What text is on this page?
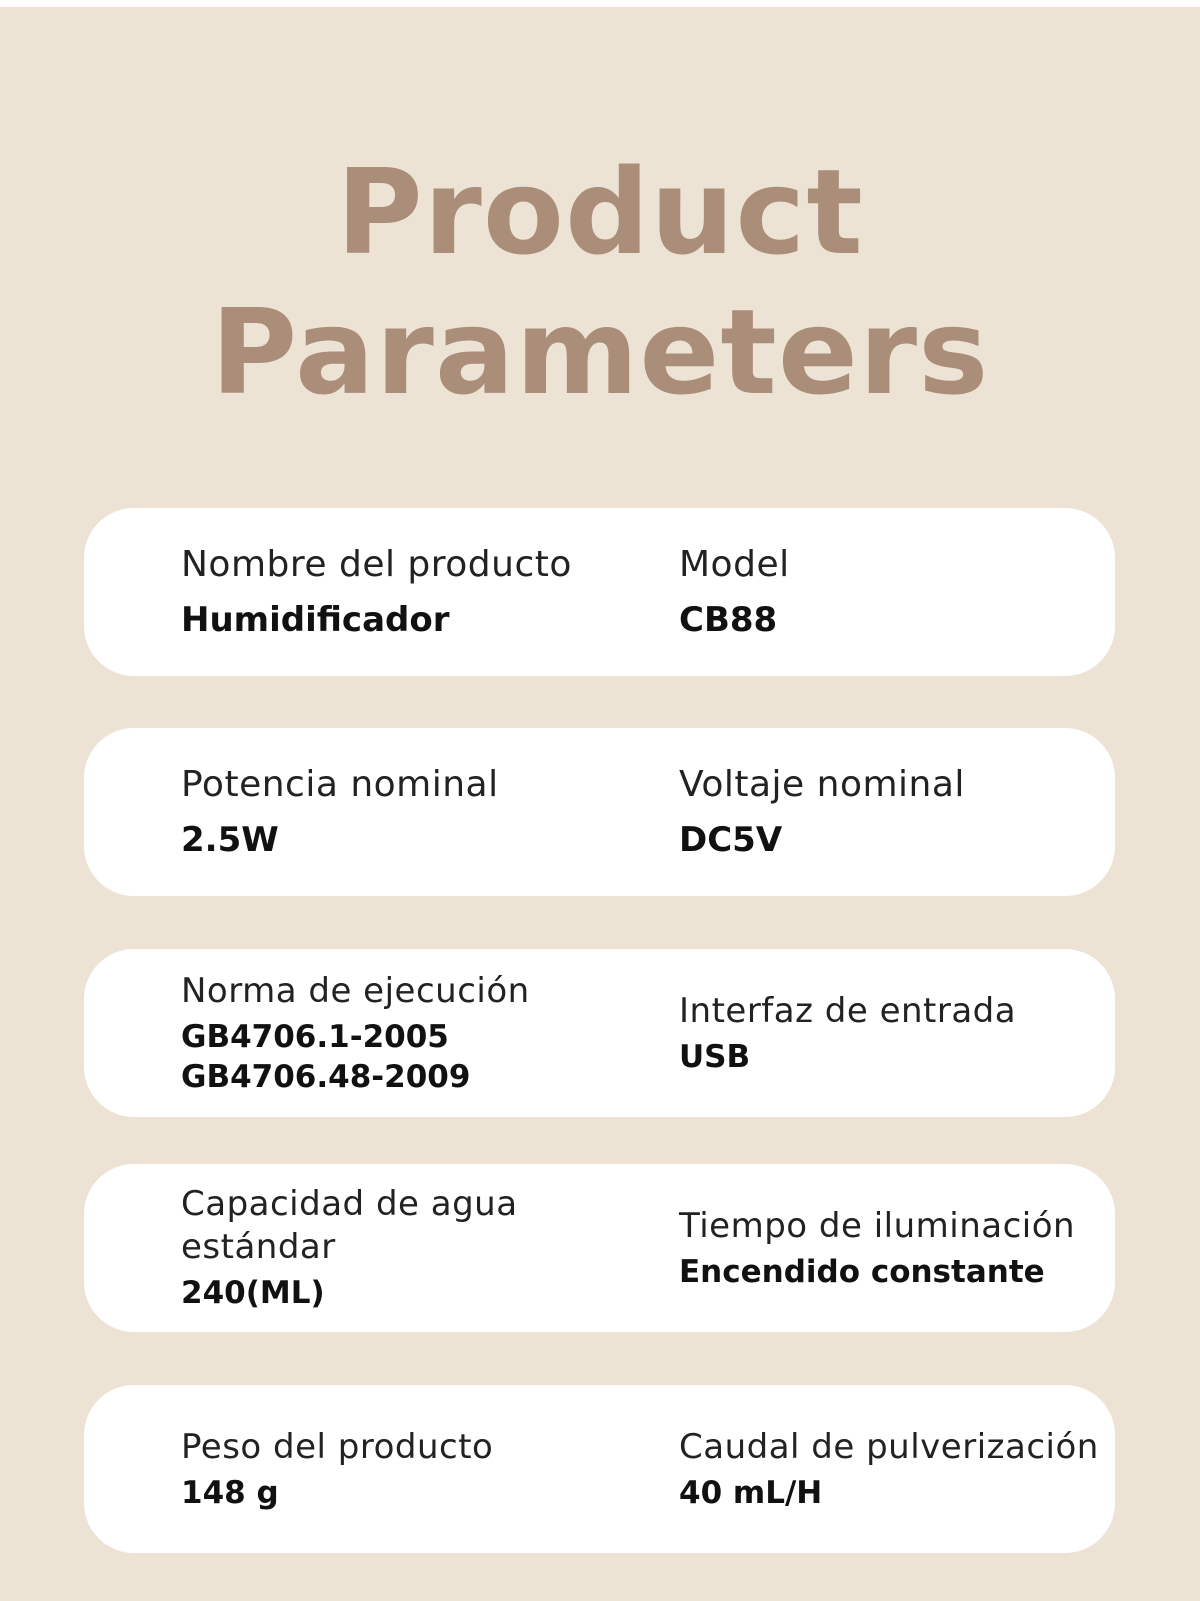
Product
Parameters
Nombre del producto
Humidificador
Model
CB88
Potencia nominal
2.5W
Voltaje nominal
DC5V
Norma de ejecución
GB4706.1-2005
GB4706.48-2009
Interfaz de entrada
USB
Capacidad de agua estándar
240(ML)
Tiempo de iluminación
Encendido constante
Peso del producto
148 g
Caudal de pulverización
40 mL/H
